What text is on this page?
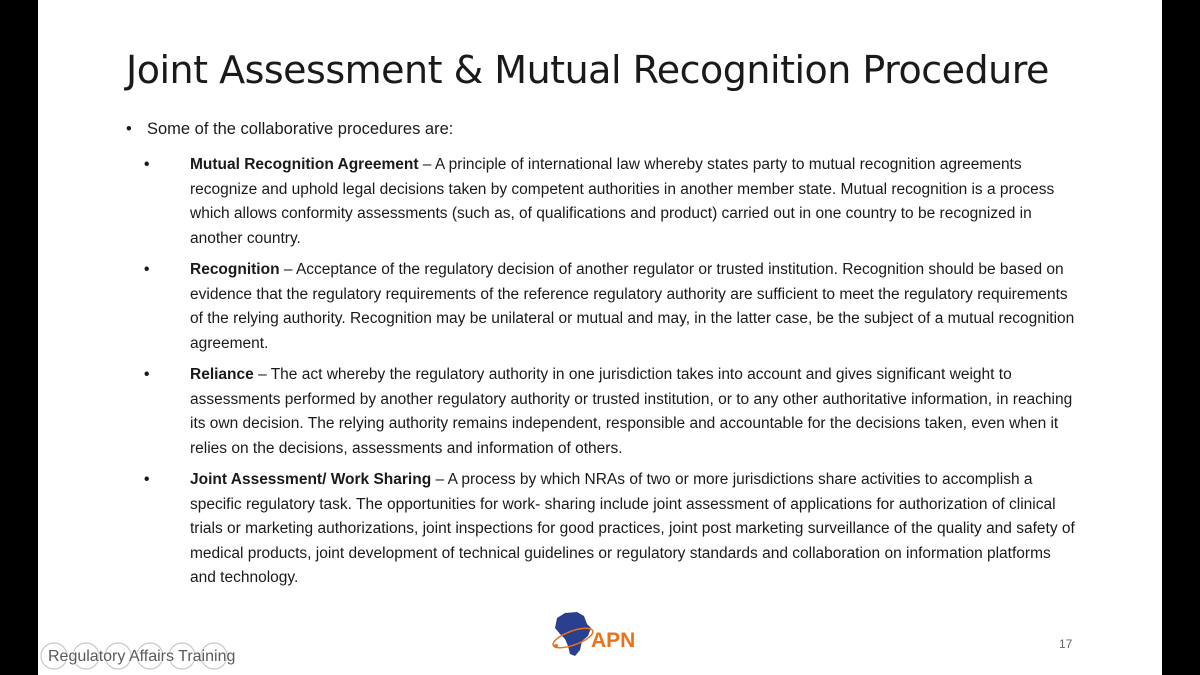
Joint Assessment & Mutual Recognition Procedure
• Some of the collaborative procedures are:
•	Mutual Recognition Agreement – A principle of international law whereby states party to mutual recognition agreements recognize and uphold legal decisions taken by competent authorities in another member state. Mutual recognition is a process which allows conformity assessments (such as, of qualifications and product) carried out in one country to be recognized in another country.

•	Recognition – Acceptance of the regulatory decision of another regulator or trusted institution. Recognition should be based on evidence that the regulatory requirements of the reference regulatory authority are sufficient to meet the regulatory requirements of the relying authority. Recognition may be unilateral or mutual and may, in the latter case, be the subject of a mutual recognition agreement.

•	Reliance – The act whereby the regulatory authority in one jurisdiction takes into account and gives significant weight to assessments performed by another regulatory authority or trusted institution, or to any other authoritative information, in reaching its own decision. The relying authority remains independent, responsible and accountable for the decisions taken, even when it relies on the decisions, assessments and information of others.

•	Joint Assessment/ Work Sharing – A process by which NRAs of two or more jurisdictions share activities to accomplish a specific regulatory task. The opportunities for work- sharing include joint assessment of applications for authorization of clinical trials or marketing authorizations, joint inspections for good practices, joint post marketing surveillance of the quality and safety of medical products, joint development of technical guidelines or regulatory standards and collaboration on information platforms and technology.

APN	17
Regulatory Affairs Training
